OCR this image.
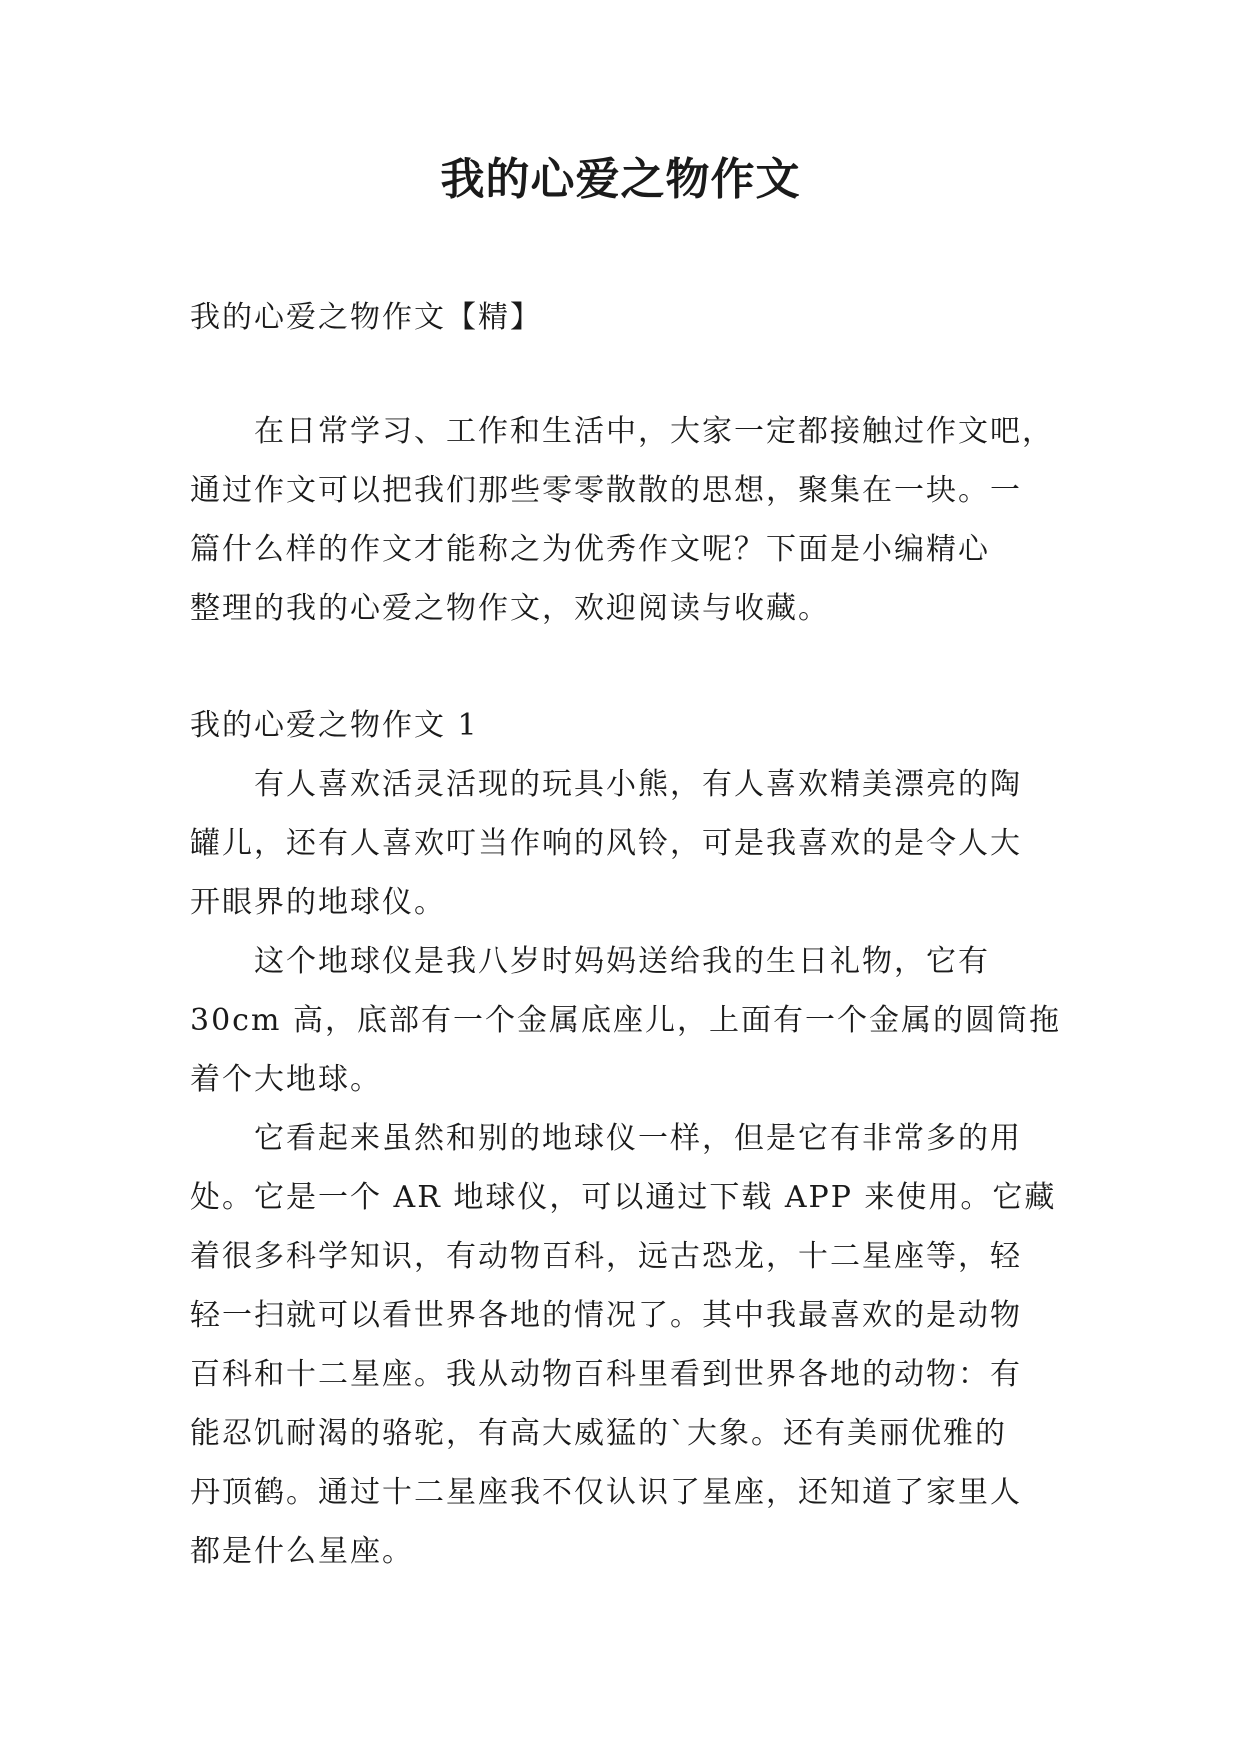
我的心爱之物作文
我的心爱之物作文【精】
在日常学习、工作和生活中，大家一定都接触过作文吧，
通过作文可以把我们那些零零散散的思想，聚集在一块。一
篇什么样的作文才能称之为优秀作文呢？下面是小编精心
整理的我的心爱之物作文，欢迎阅读与收藏。
我的心爱之物作文 1
有人喜欢活灵活现的玩具小熊，有人喜欢精美漂亮的陶
罐儿，还有人喜欢叮当作响的风铃，可是我喜欢的是令人大
开眼界的地球仪。
这个地球仪是我八岁时妈妈送给我的生日礼物，它有
30cm 高，底部有一个金属底座儿，上面有一个金属的圆筒拖
着个大地球。
它看起来虽然和别的地球仪一样，但是它有非常多的用
处。它是一个 AR 地球仪，可以通过下载 APP 来使用。它藏
着很多科学知识，有动物百科，远古恐龙，十二星座等，轻
轻一扫就可以看世界各地的情况了。其中我最喜欢的是动物
百科和十二星座。我从动物百科里看到世界各地的动物：有
能忍饥耐渴的骆驼，有高大威猛的`大象。还有美丽优雅的
丹顶鹤。通过十二星座我不仅认识了星座，还知道了家里人
都是什么星座。
